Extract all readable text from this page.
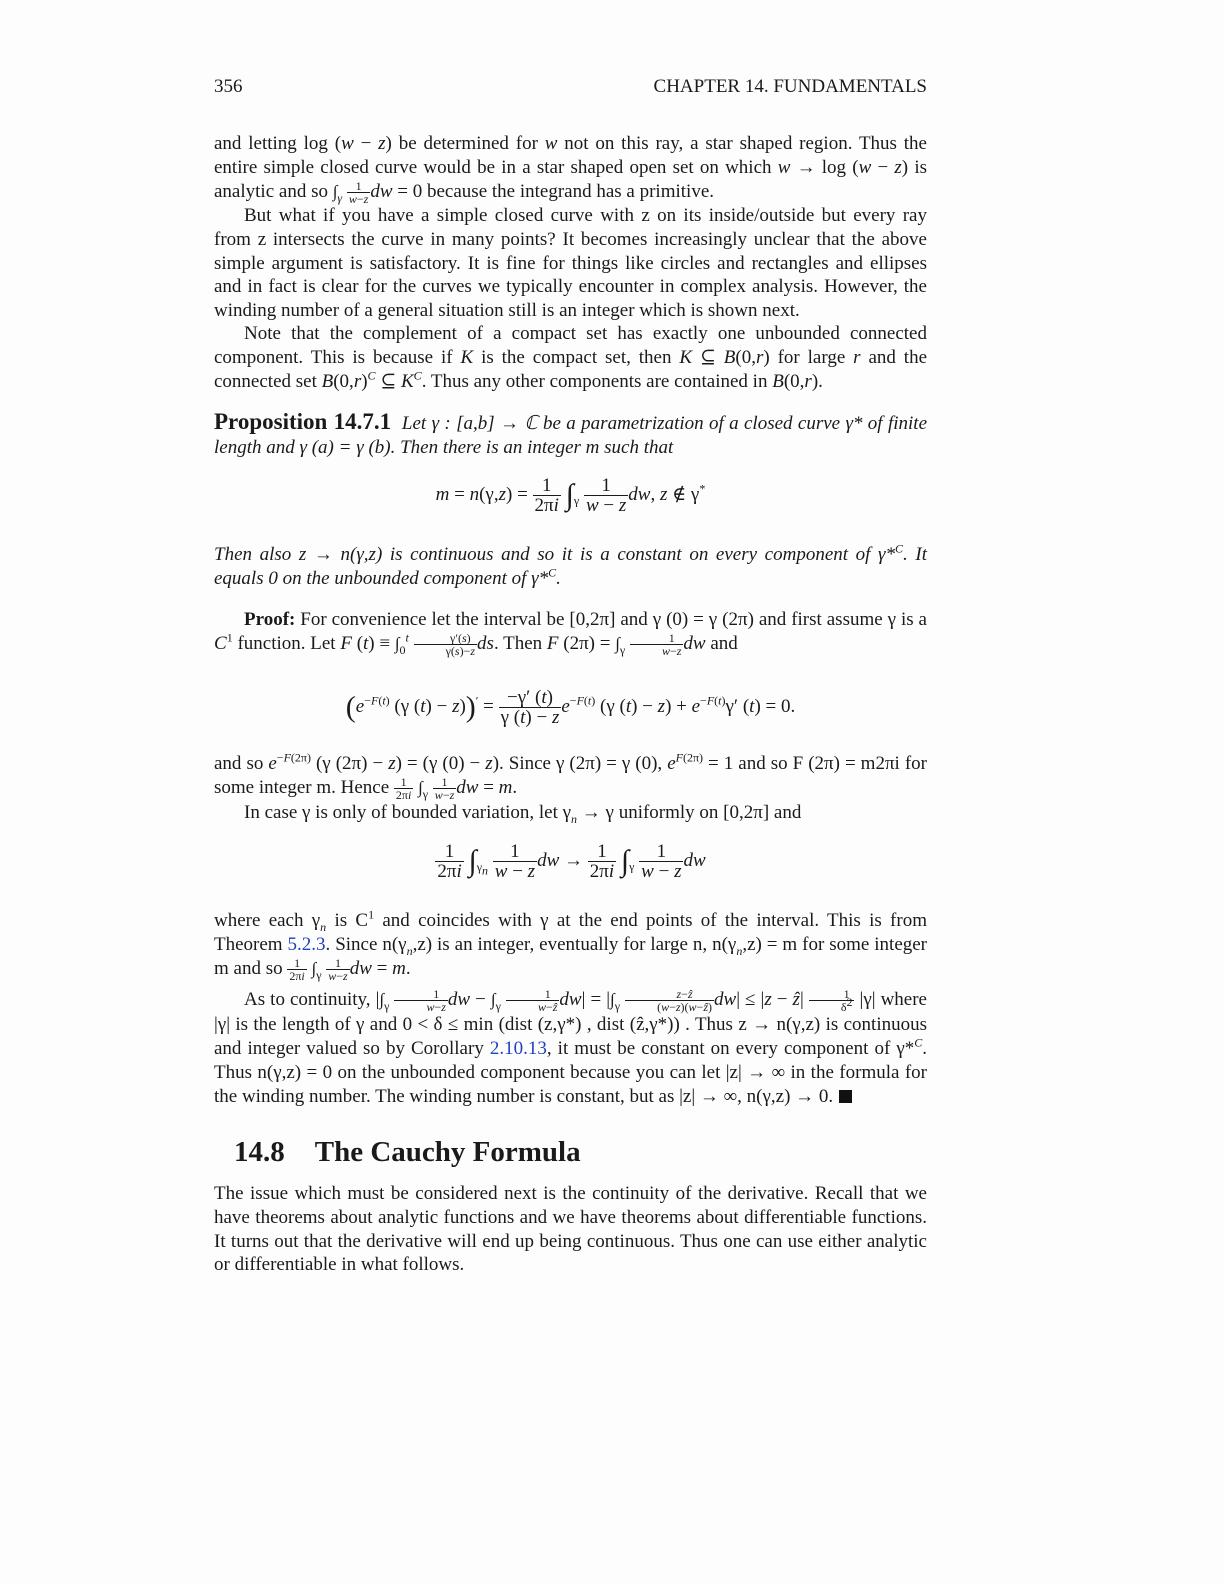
356	CHAPTER 14. FUNDAMENTALS

and letting log (w − z) be determined for w not on this ray, a star shaped region. Thus the entire simple closed curve would be in a star shaped open set on which w → log (w − z) is analytic and so $\int_\gamma \frac{1}{w-z}$ dw = 0 because the integrand has a primitive.

But what if you have a simple closed curve with z on its inside/outside but every ray from z intersects the curve in many points? It becomes increasingly unclear that the above simple argument is satisfactory. It is fine for things like circles and rectangles and ellipses and in fact is clear for the curves we typically encounter in complex analysis. However, the winding number of a general situation still is an integer which is shown next.

Note that the complement of a compact set has exactly one unbounded connected component. This is because if K is the compact set, then K ⊆ B(0,r) for large r and the connected set $B(0,r)^C$ ⊆ $K^C$. Thus any other components are contained in B(0,r).

Proposition 14.7.1 Let γ : [a,b] → ℂ be a parametrization of a closed curve γ* of finite length and γ (a) = γ (b). Then there is an integer m such that

$m = n(\gamma,z) = \frac{1}{2\pi i} \int_\gamma \frac{1}{w - z}$ dw, z ∉ γ*

Then also z → n(γ,z) is continuous and so it is a constant on every component of γ*$^C$. It equals 0 on the unbounded component of γ*$^C$.

Proof: For convenience let the interval be [0,2π] and γ (0) = γ (2π) and first assume γ is a $C^1$ function. Let F $(t) \equiv \int_0^t \frac{\gamma'(s)}{\gamma(s)-z}$ ds. Then F $(2\pi) = \int_\gamma \frac{1}{w-z}$ dw and

($e^{-F(t)}$ (γ $(t) - z))' = \frac{-\gamma' (t)}{\gamma (t) - z} e^{-F(t)}$ (γ $(t) - z) + e^{-F(t)}\gamma'$ (t) = 0.

and so $e^{-F(2\pi)}$ (γ (2π) − z) = (γ (0) − z). Since γ (2π) = γ (0), $e^{F(2\pi)} = 1$ and so F (2π) = m2πi for some integer m. Hence $\frac{1}{2\pi i} \int_\gamma \frac{1}{w-z}$ dw = m.

In case γ is only of bounded variation, let $\gamma_n \to \gamma$ uniformly on [0,2π] and

$\frac{1}{2\pi i} \int_{\gamma_n} \frac{1}{w - z}$ dw → $\frac{1}{2\pi i} \int_\gamma \frac{1}{w - z}$ dw

where each $\gamma_n$ is $C^1$ and coincides with γ at the end points of the interval. This is from Theorem 5.2.3. Since $n(\gamma_n,z)$ is an integer, eventually for large n, $n(\gamma_n,z) = m$ for some integer m and so $\frac{1}{2\pi i} \int_\gamma \frac{1}{w-z}$ dw = m.

As to continuity, $|\int_\gamma \frac{1}{w-z}$ dw − $\int_\gamma \frac{1}{\text{w−ẑ}} dw| = |\int_\gamma \frac{\text{z−ẑ}}{\text{(w−z)(w−ẑ)}} dw| \le |z$ − ẑ| $\frac{1}{\delta^2} |\gamma|$ where |γ| is the length of γ and 0 < δ ≤ min (dist (z,γ*) , dist (ẑ,γ*)) . Thus z → n(γ,z) is continuous and integer valued so by Corollary 2.10.13, it must be constant on every component of γ*$^C$. Thus n(γ,z) = 0 on the unbounded component because you can let |z| → ∞ in the formula for the winding number. The winding number is constant, but as |z| → ∞, n(γ,z) → 0.

14.8 The Cauchy Formula

The issue which must be considered next is the continuity of the derivative. Recall that we have theorems about analytic functions and we have theorems about differentiable functions. It turns out that the derivative will end up being continuous. Thus one can use either analytic or differentiable in what follows.
